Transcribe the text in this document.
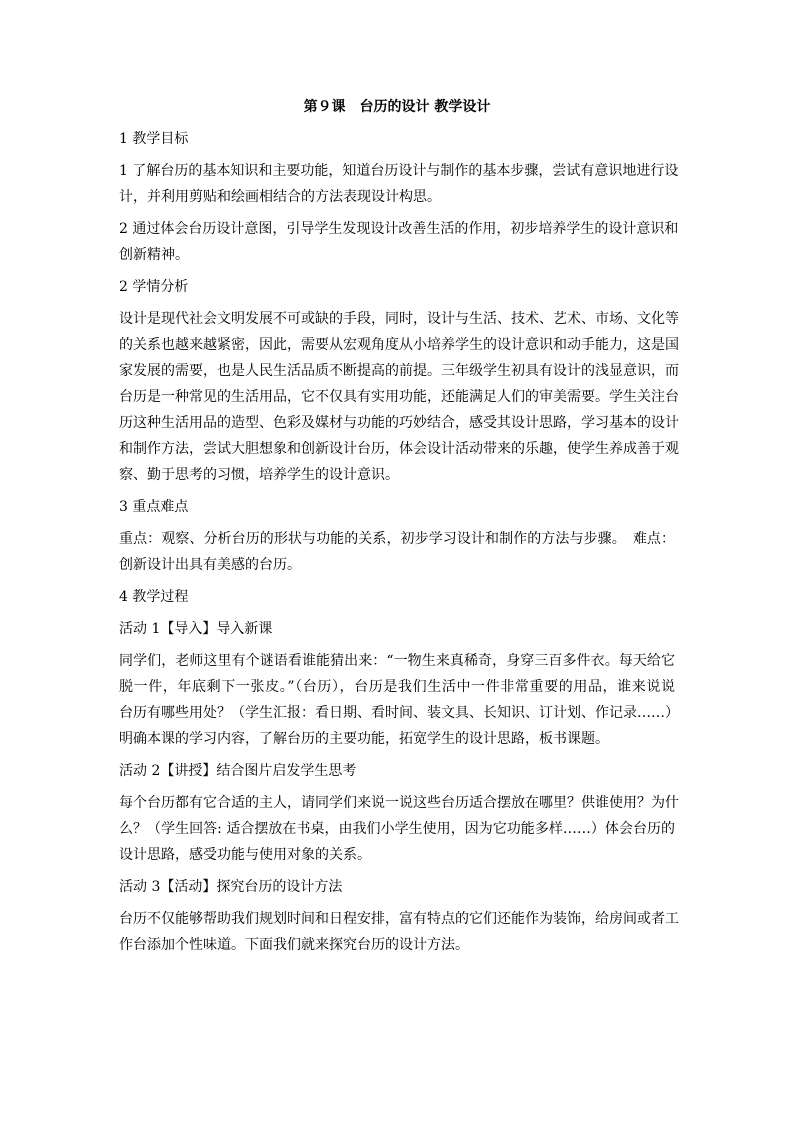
第９课　台历的设计 教学设计
1 教学目标
1 了解台历的基本知识和主要功能，知道台历设计与制作的基本步骤，尝试有意识地进行设
计，并利用剪贴和绘画相结合的方法表现设计构思。
2 通过体会台历设计意图，引导学生发现设计改善生活的作用，初步培养学生的设计意识和
创新精神。
2 学情分析
设计是现代社会文明发展不可或缺的手段，同时，设计与生活、技术、艺术、市场、文化等
的关系也越来越紧密，因此，需要从宏观角度从小培养学生的设计意识和动手能力，这是国
家发展的需要，也是人民生活品质不断提高的前提。三年级学生初具有设计的浅显意识，而
台历是一种常见的生活用品，它不仅具有实用功能，还能满足人们的审美需要。学生关注台
历这种生活用品的造型、色彩及媒材与功能的巧妙结合，感受其设计思路，学习基本的设计
和制作方法，尝试大胆想象和创新设计台历，体会设计活动带来的乐趣，使学生养成善于观
察、勤于思考的习惯，培养学生的设计意识。
3 重点难点
重点：观察、分析台历的形状与功能的关系，初步学习设计和制作的方法与步骤。　难点：
创新设计出具有美感的台历。
4 教学过程
活动 1【导入】导入新课
同学们，老师这里有个谜语看谁能猜出来：“一物生来真稀奇，身穿三百多件衣。每天给它
脱一件，年底剩下一张皮。”（台历），台历是我们生活中一件非常重要的用品，谁来说说
台历有哪些用处？（学生汇报：看日期、看时间、装文具、长知识、订计划、作记录……）
明确本课的学习内容，了解台历的主要功能，拓宽学生的设计思路，板书课题。
活动 2【讲授】结合图片启发学生思考
每个台历都有它合适的主人，请同学们来说一说这些台历适合摆放在哪里？供谁使用？为什
么？（学生回答: 适合摆放在书桌，由我们小学生使用，因为它功能多样……）体会台历的
设计思路，感受功能与使用对象的关系。
活动 3【活动】探究台历的设计方法
台历不仅能够帮助我们规划时间和日程安排，富有特点的它们还能作为装饰，给房间或者工
作台添加个性味道。下面我们就来探究台历的设计方法。
